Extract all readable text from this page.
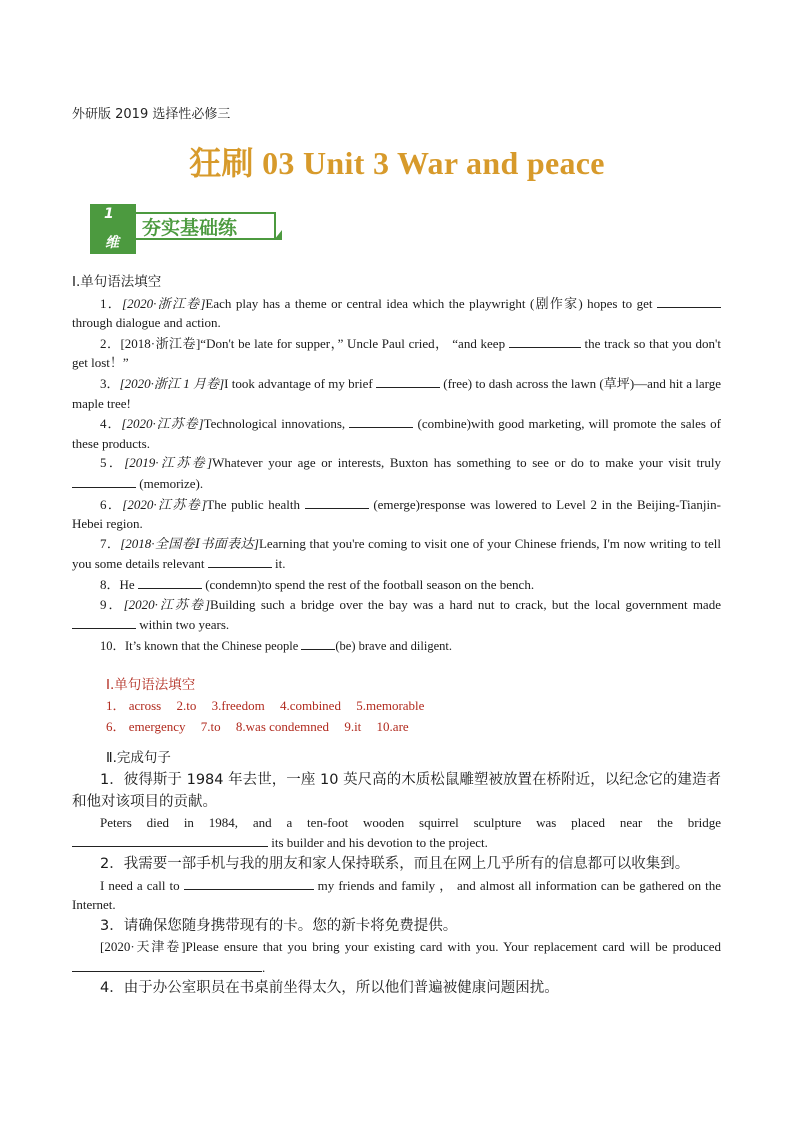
外研版 2019 选择性必修三
狂刷 03 Unit 3 War and peace
1
维
夯实基础练

Ⅰ.单句语法填空

1．[2020·浙江卷]Each play has a theme or central idea which the playwright (剧作家) hopes to get  through dialogue and action.

2．[2018·浙江卷]“Don't be late for supper，” Uncle Paul cried， “and keep	the track so that you don't get lost！”

3．[2020·浙江 1 月卷]I took advantage of my brief	(free) to dash across the lawn (草坪)—and hit a large maple tree!

4．[2020·江苏卷]Technological innovations,	(combine)with good marketing, will promote the sales of these products.

5．[2019·江苏卷]Whatever your age or interests, Buxton has something to see or do to make your visit truly  (memorize).

6．[2020·江苏卷]The public health	(emerge)response was lowered to Level 2 in the Beijing-Tianjin-Hebei region.

7．[2018·全国卷Ⅰ书面表达]Learning that you're coming to visit one of your Chinese friends, I'm now writing to tell you some details relevant	it.

8．He	(condemn)to spend the rest of the football season on the bench.

9．[2020·江苏卷]Building such a bridge over the bay was a hard nut to crack, but the local government made  within two years.

10．It’s known that the Chinese people	(be) brave and diligent.

Ⅰ.单句语法填空

1． across 2.to 3.freedom 4.combined 5.memorable

6． emergency 7.to 8.was condemned 9.it 10.are

Ⅱ.完成句子

1．彼得斯于 1984 年去世，一座 10 英尺高的木质松鼠雕塑被放置在桥附近，以纪念它的建造者和他对该项目的贡献。

Peters died in 1984, and a ten-foot wooden squirrel sculpture was placed near the bridge  its builder and his devotion to the project.

2．我需要一部手机与我的朋友和家人保持联系，而且在网上几乎所有的信息都可以收集到。

I need a call to	my friends and family ， and almost all information can be gathered on the Internet.

3．请确保您随身携带现有的卡。您的新卡将免费提供。

[2020·天津卷]Please ensure that you bring your existing card with you. Your replacement card will be produced .

4．由于办公室职员在书桌前坐得太久，所以他们普遍被健康问题困扰。
